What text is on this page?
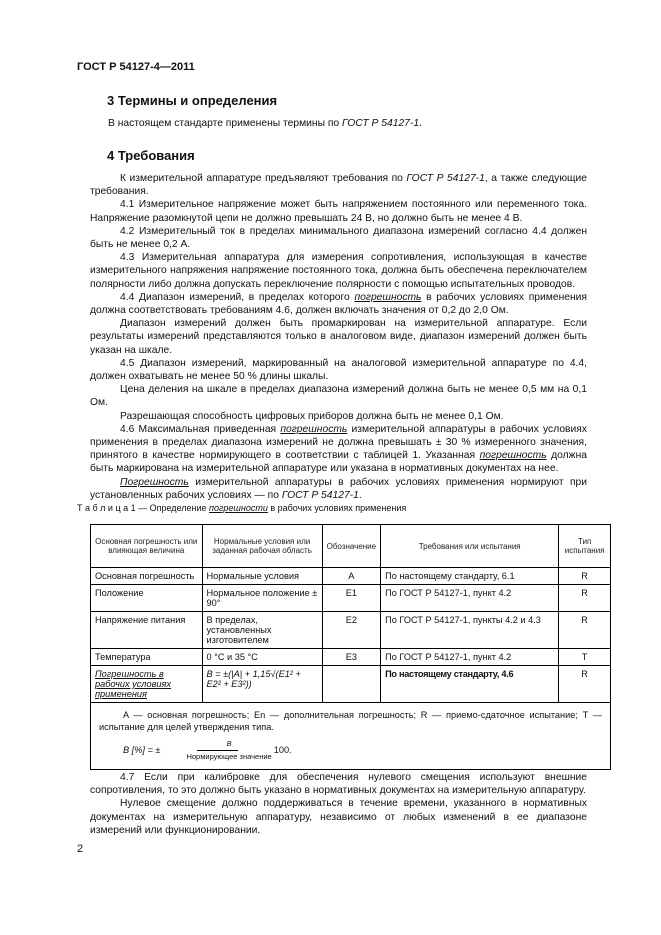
ГОСТ Р 54127-4—2011
3 Термины и определения

В настоящем стандарте применены термины по ГОСТ Р 54127-1.

4 Требования

К измерительной аппаратуре предъявляют требования по ГОСТ Р 54127-1, а также следующие требования.

4.1 Измерительное напряжение может быть напряжением постоянного или переменного тока. Напряжение разомкнутой цепи не должно превышать 24 В, но должно быть не менее 4 В.

4.2 Измерительный ток в пределах минимального диапазона измерений согласно 4.4 должен быть не менее 0,2 А.

4.3 Измерительная аппаратура для измерения сопротивления, использующая в качестве измерительного напряжения напряжение постоянного тока, должна быть обеспечена переключателем полярности либо должна допускать переключение полярности с помощью испытательных проводов.

4.4 Диапазон измерений, в пределах которого погрешность в рабочих условиях применения должна соответствовать требованиям 4.6, должен включать значения от 0,2 до 2,0 Ом.

Диапазон измерений должен быть промаркирован на измерительной аппаратуре. Если результаты измерений представляются только в аналоговом виде, диапазон измерений должен быть указан на шкале.

4.5 Диапазон измерений, маркированный на аналоговой измерительной аппаратуре по 4.4, должен охватывать не менее 50 % длины шкалы.

Цена деления на шкале в пределах диапазона измерений должна быть не менее 0,5 мм на 0,1 Ом.

Разрешающая способность цифровых приборов должна быть не менее 0,1 Ом.

4.6 Максимальная приведенная погрешность измерительной аппаратуры в рабочих условиях применения в пределах диапазона измерений не должна превышать ± 30 % измеренного значения, принятого в качестве нормирующего в соответствии с таблицей 1. Указанная погрешность должна быть маркирована на измерительной аппаратуре или указана в нормативных документах на нее.

Погрешность измерительной аппаратуры в рабочих условиях применения нормируют при установленных рабочих условиях — по ГОСТ Р 54127-1.

Т а б л и ц а 1 — Определение погрешности в рабочих условиях применения
Основная погрешность или влияющая величина	Нормальные условия или заданная рабочая область	Обозначение	Требования или испытания	Тип испытания
Основная погрешность	Нормальные условия	A	По настоящему стандарту, 6.1	R
Положение	Нормальное положение ± 90°	E1	По ГОСТ Р 54127-1, пункт 4.2	R
Напряжение питания	В пределах, установленных изготовителем	E2	По ГОСТ Р 54127-1, пункты 4.2 и 4.3	R
Температура	0 °C и 35 °C	E3	По ГОСТ Р 54127-1, пункт 4.2	T
Погрешность в рабочих условиях применения	B = ±(|A| + 1,15√(E1² + E2² + E3²))		По настоящему стандарту, 4.6	R

A — основная погрешность; En — дополнительная погрешность; R — приемо-сдаточное испытание; T — испытание для целей утверждения типа.

B [%] = ± $\frac{B}{\text{Нормирующее значение}} 100$.				

4.7 Если при калибровке для обеспечения нулевого смещения используют внешние сопротивления, то это должно быть указано в нормативных документах на измерительную аппаратуру.

Нулевое смещение должно поддерживаться в течение времени, указанного в нормативных документах на измерительную аппаратуру, независимо от любых изменений в ее диапазоне измерений или функционировании.

2
